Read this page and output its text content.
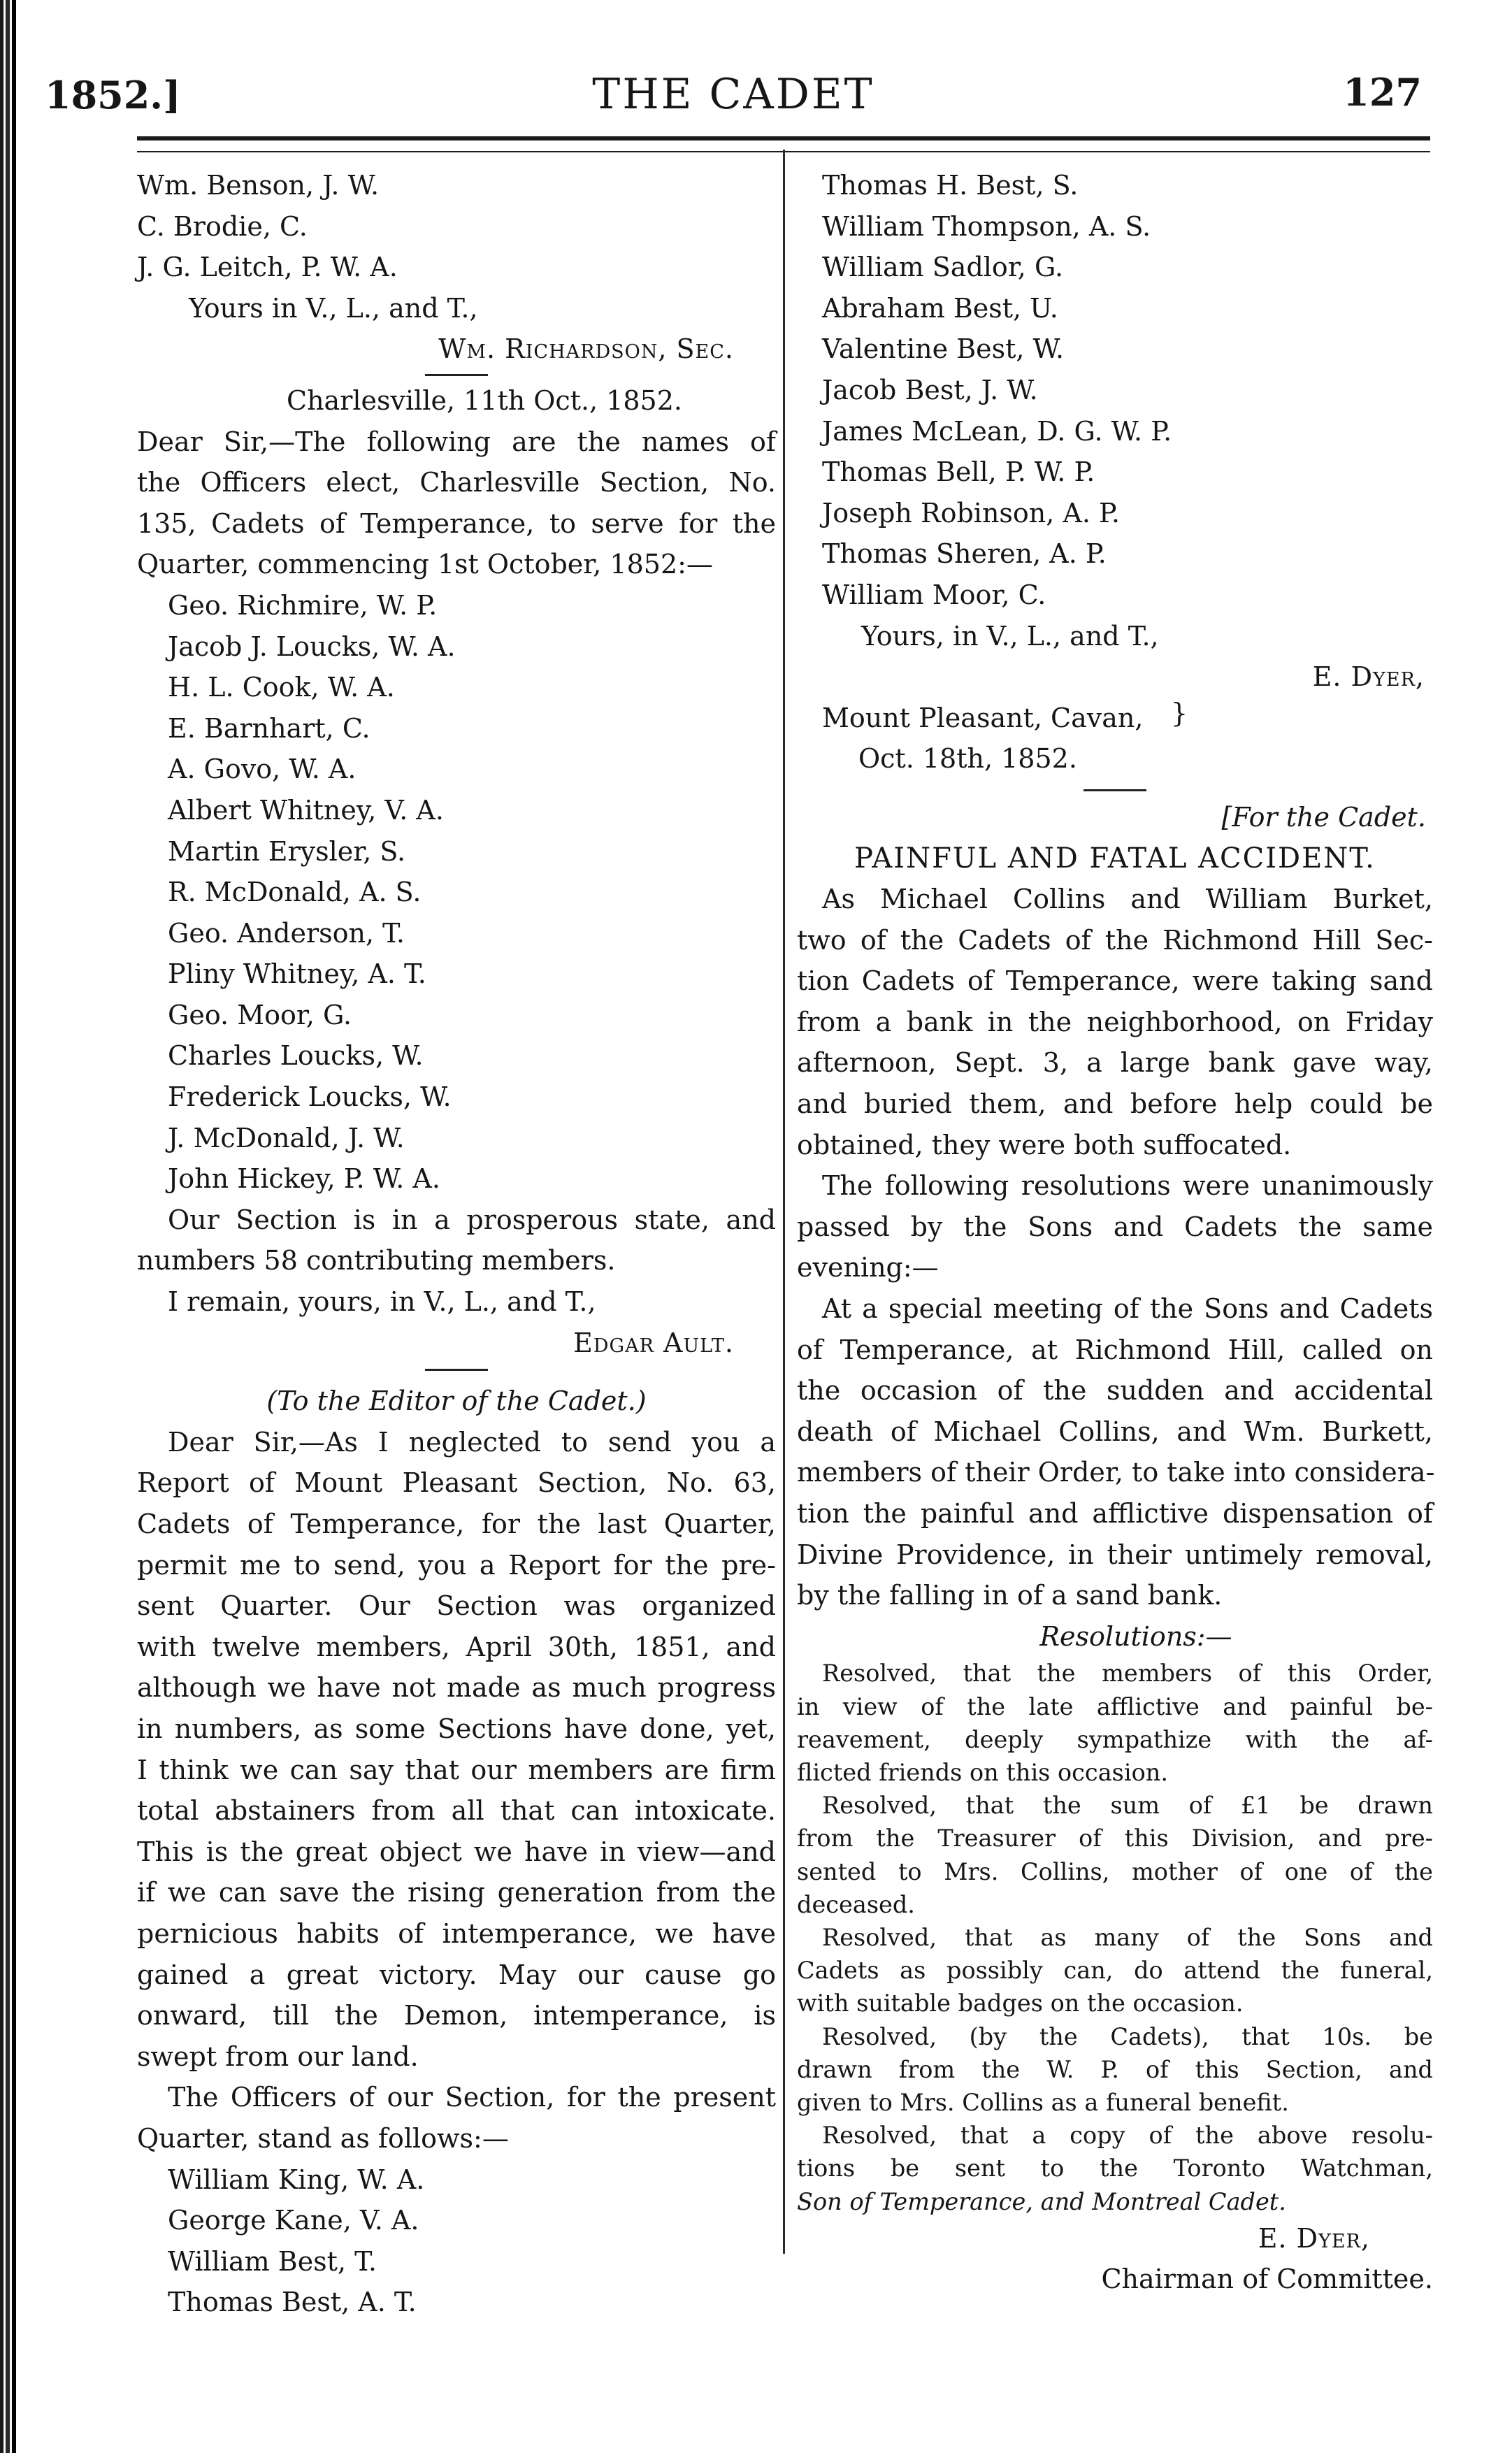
1852.]	THE CADET	127
Wm. Benson, J. W.
C. Brodie, C.
J. G. Leitch, P. W. A.
Yours in V., L., and T.,
Wm. Richardson, Sec.
Charlesville, 11th Oct., 1852.
Dear Sir,—The following are the names of
the Officers elect, Charlesville Section, No.
135, Cadets of Temperance, to serve for the
Quarter, commencing 1st October, 1852:—
Geo. Richmire, W. P.
Jacob J. Loucks, W. A.
H. L. Cook, W. A.
E. Barnhart, C.
A. Govo, W. A.
Albert Whitney, V. A.
Martin Erysler, S.
R. McDonald, A. S.
Geo. Anderson, T.
Pliny Whitney, A. T.
Geo. Moor, G.
Charles Loucks, W.
Frederick Loucks, W.
J. McDonald, J. W.
John Hickey, P. W. A.
Our Section is in a prosperous state, and
numbers 58 contributing members.
I remain, yours, in V., L., and T.,
Edgar Ault.
(To the Editor of the Cadet.)
Dear Sir,—As I neglected to send you a
Report of Mount Pleasant Section, No. 63,
Cadets of Temperance, for the last Quarter,
permit me to send, you a Report for the pre-
sent Quarter. Our Section was organized
with twelve members, April 30th, 1851, and
although we have not made as much progress
in numbers, as some Sections have done, yet,
I think we can say that our members are firm
total abstainers from all that can intoxicate.
This is the great object we have in view—and
if we can save the rising generation from the
pernicious habits of intemperance, we have
gained a great victory. May our cause go
onward, till the Demon, intemperance, is
swept from our land.
The Officers of our Section, for the present
Quarter, stand as follows:—
William King, W. A.
George Kane, V. A.
William Best, T.
Thomas Best, A. T.
Thomas H. Best, S.
William Thompson, A. S.
William Sadlor, G.
Abraham Best, U.
Valentine Best, W.
Jacob Best, J. W.
James McLean, D. G. W. P.
Thomas Bell, P. W. P.
Joseph Robinson, A. P.
Thomas Sheren, A. P.
William Moor, C.
Yours, in V., L., and T.,
E. Dyer,
Mount Pleasant, Cavan,
Oct. 18th, 1852.
[For the Cadet.
PAINFUL AND FATAL ACCIDENT.
As Michael Collins and William Burket,
two of the Cadets of the Richmond Hill Sec-
tion Cadets of Temperance, were taking sand
from a bank in the neighborhood, on Friday
afternoon, Sept. 3, a large bank gave way,
and buried them, and before help could be
obtained, they were both suffocated.
The following resolutions were unanimously
passed by the Sons and Cadets the same
evening:—
At a special meeting of the Sons and Cadets
of Temperance, at Richmond Hill, called on
the occasion of the sudden and accidental
death of Michael Collins, and Wm. Burkett,
members of their Order, to take into considera-
tion the painful and afflictive dispensation of
Divine Providence, in their untimely removal,
by the falling in of a sand bank.
Resolutions:—
Resolved, that the members of this Order,
in view of the late afflictive and painful be-
reavement, deeply sympathize with the af-
flicted friends on this occasion.
Resolved, that the sum of £1 be drawn
from the Treasurer of this Division, and pre-
sented to Mrs. Collins, mother of one of the
deceased.
Resolved, that as many of the Sons and
Cadets as possibly can, do attend the funeral,
with suitable badges on the occasion.
Resolved, (by the Cadets), that 10s. be
drawn from the W. P. of this Section, and
given to Mrs. Collins as a funeral benefit.
Resolved, that a copy of the above resolu-
tions be sent to the Toronto Watchman,
Son of Temperance, and Montreal Cadet.
E. Dyer,
Chairman of Committee.
}
